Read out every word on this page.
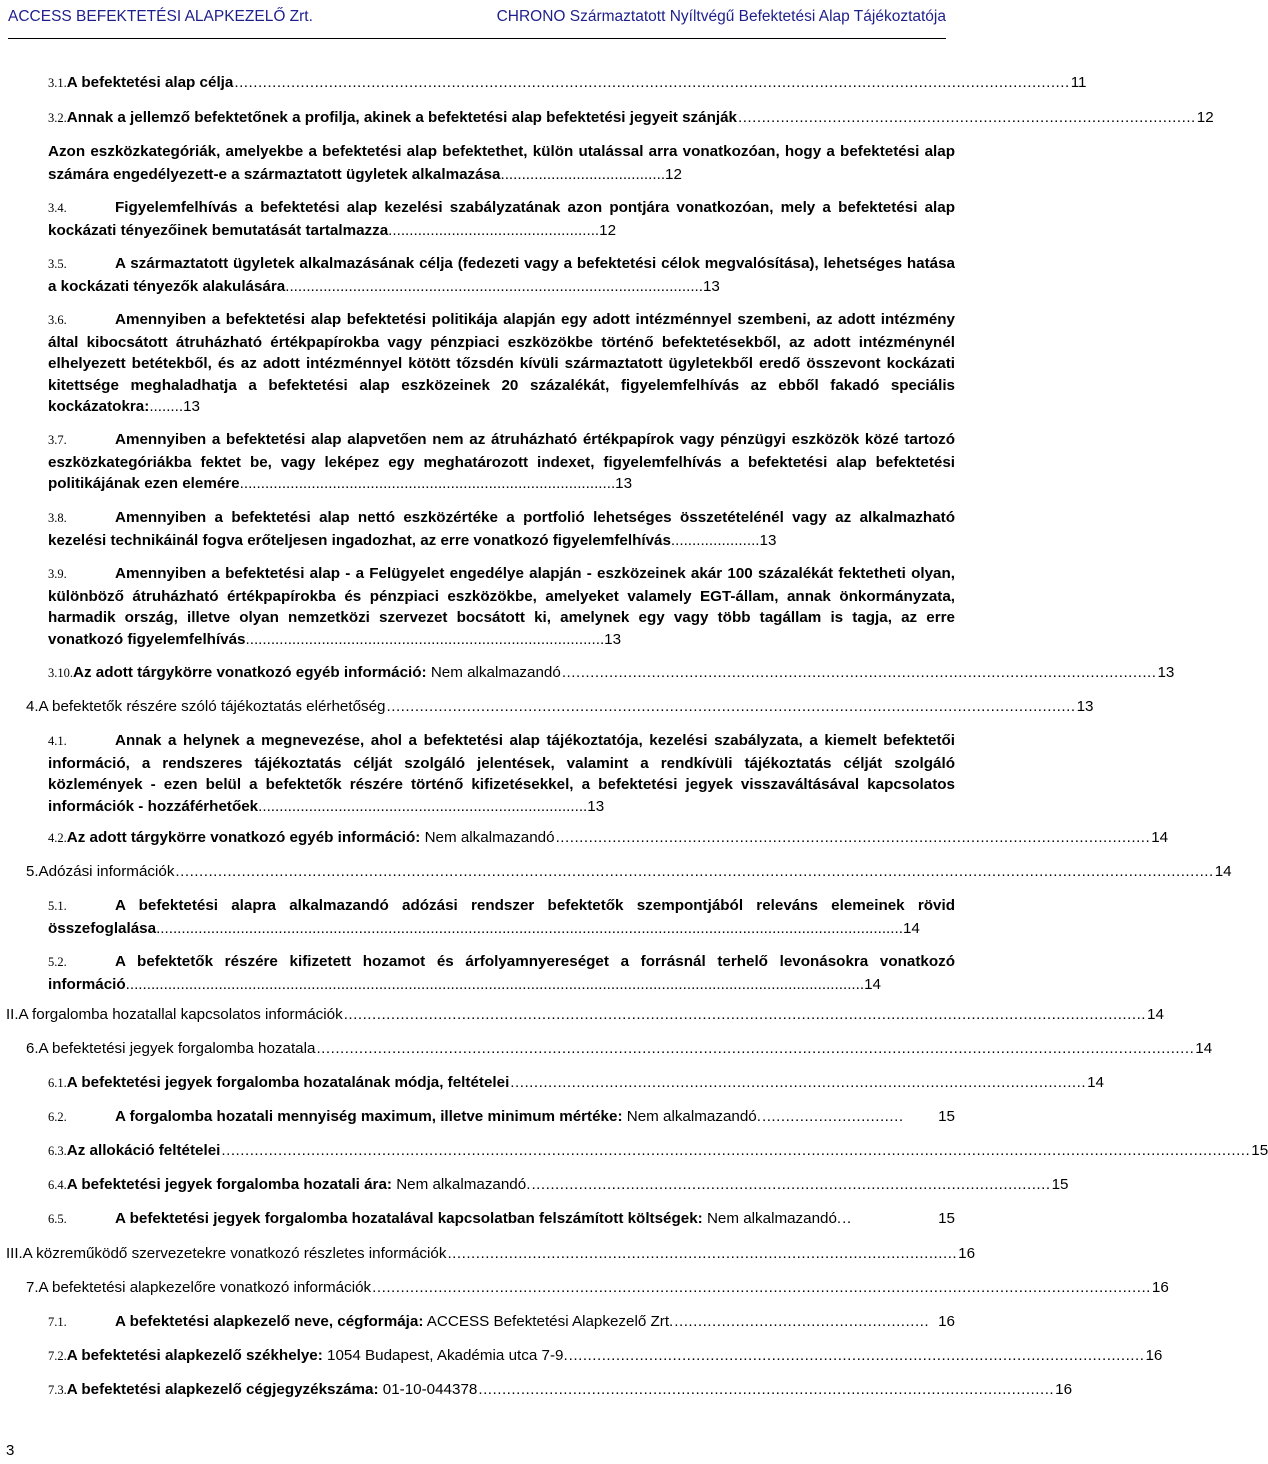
ACCESS BEFEKTETÉSI ALAPKEZELŐ Zrt.	CHRONO Származtatott Nyíltvégű Befektetési Alap Tájékoztatója
3.1. A befektetési alap célja ................................................................................................................................................................................. 11
3.2. Annak a jellemző befektetőnek a profilja, akinek a befektetési alap befektetési jegyeit szánják ................................................................................................. 12
Azon eszközkategóriák, amelyekbe a befektetési alap befektethet, külön utalással arra vonatkozóan, hogy a befektetési alap számára engedélyezett-e a származtatott ügyletek alkalmazása.......................................12
3.4.	Figyelemfelhívás a befektetési alap kezelési szabályzatának azon pontjára vonatkozóan, mely a befektetési alap kockázati tényezőinek bemutatását tartalmazza..................................................12
3.5.	A származtatott ügyletek alkalmazásának célja (fedezeti vagy a befektetési célok megvalósítása), lehetséges hatása a kockázati tényezők alakulására...................................................................................................13
3.6.	Amennyiben a befektetési alap befektetési politikája alapján egy adott intézménnyel szembeni, az adott intézmény által kibocsátott átruházható értékpapírokba vagy pénzpiaci eszközökbe történő befektetésekből, az adott intézménynél elhelyezett betétekből, és az adott intézménnyel kötött tőzsdén kívüli származtatott ügyletekből eredő összevont kockázati kitettsége meghaladhatja a befektetési alap eszközeinek 20 százalékát, figyelemfelhívás az ebből fakadó speciális kockázatokra:........13
3.7.	Amennyiben a befektetési alap alapvetően nem az átruházható értékpapírok vagy pénzügyi eszközök közé tartozó eszközkategóriákba fektet be, vagy leképez egy meghatározott indexet, figyelemfelhívás a befektetési alap befektetési politikájának ezen elemére.........................................................................................13
3.8.	Amennyiben a befektetési alap nettó eszközértéke a portfolió lehetséges összetételénél vagy az alkalmazható kezelési technikáinál fogva erőteljesen ingadozhat, az erre vonatkozó figyelemfelhívás.....................13
3.9.	Amennyiben a befektetési alap - a Felügyelet engedélye alapján - eszközeinek akár 100 százalékát fektetheti olyan, különböző átruházható értékpapírokba és pénzpiaci eszközökbe, amelyeket valamely EGT-állam, annak önkormányzata, harmadik ország, illetve olyan nemzetközi szervezet bocsátott ki, amelynek egy vagy több tagállam is tagja, az erre vonatkozó figyelemfelhívás.....................................................................................13
3.10. Az adott tárgykörre vonatkozó egyéb információ: Nem alkalmazandó .............................................................................................................................. 13
4. A befektetők részére szóló tájékoztatás elérhetőség .................................................................................................................................................. 13
4.1.	Annak a helynek a megnevezése, ahol a befektetési alap tájékoztatója, kezelési szabályzata, a kiemelt befektetői információ, a rendszeres tájékoztatás célját szolgáló jelentések, valamint a rendkívüli tájékoztatás célját szolgáló közlemények - ezen belül a befektetők részére történő kifizetésekkel, a befektetési jegyek visszaváltásával kapcsolatos információk - hozzáférhetőek..............................................................................13
4.2. Az adott tárgykörre vonatkozó egyéb információ: Nem alkalmazandó .............................................................................................................................. 14
5. Adózási információk ............................................................................................................................................................................................................................ 14
5.1.	A befektetési alapra alkalmazandó adózási rendszer befektetők szempontjából releváns elemeinek rövid összefoglalása.................................................................................................................................................................................14
5.2.	A befektetők részére kifizetett hozamot és árfolyamnyereséget a forrásnál terhelő levonásokra vonatkozó információ...............................................................................................................................................................................14
II. A forgalomba hozatallal kapcsolatos információk .......................................................................................................................................................................... 14
6. A befektetési jegyek forgalomba hozatala .......................................................................................................................................................................................... 14
6.1. A befektetési jegyek forgalomba hozatalának módja, feltételei .......................................................................................................................... 14
6.2.	A forgalomba hozatali mennyiség maximum, illetve minimum mértéke: Nem alkalmazandó. ..............................	15
6.3. Az allokáció feltételei .......................................................................................................................................................................................................................... 15
6.4. A befektetési jegyek forgalomba hozatali ára: Nem alkalmazandó. .............................................................................................................. 15
6.5.	A befektetési jegyek forgalomba hozatalával kapcsolatban felszámított költségek: Nem alkalmazandó. ..	15
III. A közreműködő szervezetekre vonatkozó részletes információk ............................................................................................................ 16
7. A befektetési alapkezelőre vonatkozó információk ..................................................................................................................................................................... 16
7.1.	A befektetési alapkezelő neve, cégformája: ACCESS Befektetési Alapkezelő Zrt. ...................................................... 16
7.2. A befektetési alapkezelő székhelye: 1054 Budapest, Akadémia utca 7-9. .......................................................................................................................... 16
7.3. A befektetési alapkezelő cégjegyzékszáma: 01-10-044378 .......................................................................................................................... 16
3
